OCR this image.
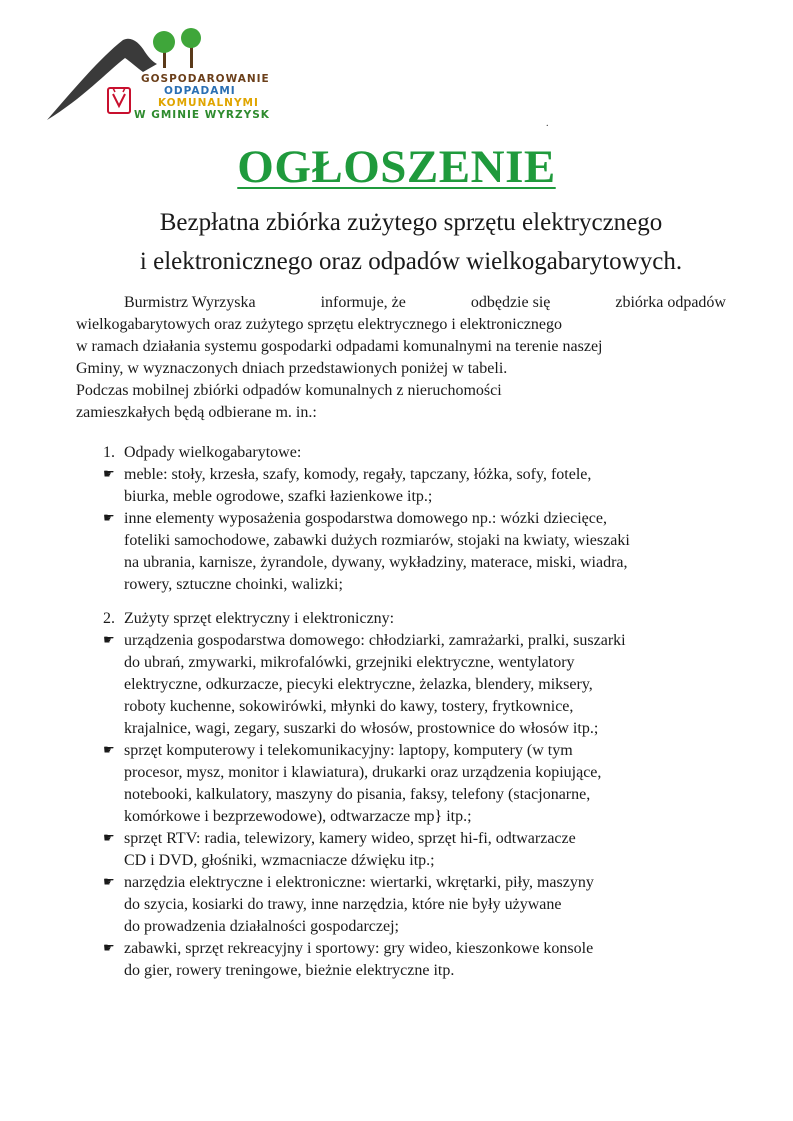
GOSPODAROWANIE
ODPADAMI
KOMUNALNYMI
W GMINIE WYRZYSK
.
OGŁOSZENIE
Bezpłatna zbiórka zużytego sprzętu elektrycznego
i elektronicznego oraz odpadów wielkogabarytowych.

Burmistrz Wyrzyska	informuje, że	odbędzie się	zbiórka odpadów

wielkogabarytowych oraz zużytego sprzętu elektrycznego i elektronicznego

w ramach działania systemu gospodarki odpadami komunalnymi na terenie naszej

Gminy, w wyznaczonych dniach przedstawionych poniżej w tabeli.

Podczas mobilnej zbiórki odpadów komunalnych z nieruchomości

zamieszkałych będą odbierane m. in.:

1. Odpady wielkogabarytowe:
☛ meble: stoły, krzesła, szafy, komody, regały, tapczany, łóżka, sofy, fotele,
biurka, meble ogrodowe, szafki łazienkowe itp.;
☛ inne elementy wyposażenia gospodarstwa domowego np.: wózki dziecięce,
foteliki samochodowe, zabawki dużych rozmiarów, stojaki na kwiaty, wieszaki
na ubrania, karnisze, żyrandole, dywany, wykładziny, materace, miski, wiadra,
rowery, sztuczne choinki, walizki;
2. Zużyty sprzęt elektryczny i elektroniczny:
☛ urządzenia gospodarstwa domowego: chłodziarki, zamrażarki, pralki, suszarki
do ubrań, zmywarki, mikrofalówki, grzejniki elektryczne, wentylatory
elektryczne, odkurzacze, piecyki elektryczne, żelazka, blendery, miksery,
roboty kuchenne, sokowirówki, młynki do kawy, tostery, frytkownice,
krajalnice, wagi, zegary, suszarki do włosów, prostownice do włosów itp.;
☛ sprzęt komputerowy i telekomunikacyjny: laptopy, komputery (w tym
procesor, mysz, monitor i klawiatura), drukarki oraz urządzenia kopiujące,
notebooki, kalkulatory, maszyny do pisania, faksy, telefony (stacjonarne,
komórkowe i bezprzewodowe), odtwarzacze mp} itp.;
☛ sprzęt RTV: radia, telewizory, kamery wideo, sprzęt hi-fi, odtwarzacze
CD i DVD, głośniki, wzmacniacze dźwięku itp.;
☛ narzędzia elektryczne i elektroniczne: wiertarki, wkrętarki, piły, maszyny
do szycia, kosiarki do trawy, inne narzędzia, które nie były używane
do prowadzenia działalności gospodarczej;
☛ zabawki, sprzęt rekreacyjny i sportowy: gry wideo, kieszonkowe konsole
do gier, rowery treningowe, bieżnie elektryczne itp.
